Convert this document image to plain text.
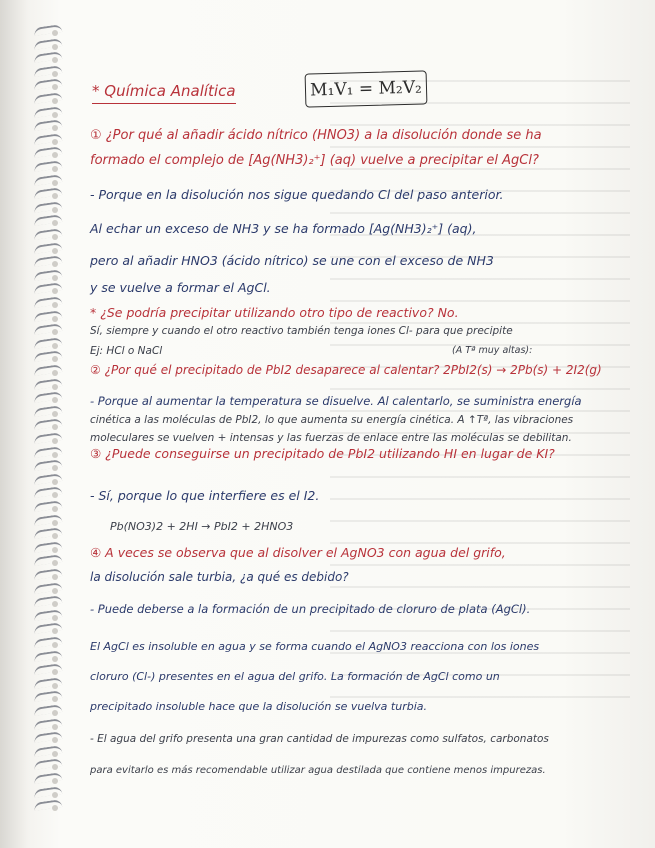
* Química Analítica	M₁V₁ = M₂V₂
① ¿Por qué al añadir ácido nítrico (HNO3) a la disolución donde se ha
formado el complejo de [Ag(NH3)₂⁺] (aq) vuelve a precipitar el AgCl?
- Porque en la disolución nos sigue quedando Cl del paso anterior.
Al echar un exceso de NH3 y se ha formado [Ag(NH3)₂⁺] (aq),
pero al añadir HNO3 (ácido nítrico) se une con el exceso de NH3
y se vuelve a formar el AgCl.
* ¿Se podría precipitar utilizando otro tipo de reactivo? No.
Sí, siempre y cuando el otro reactivo también tenga iones Cl- para que precipite
Ej: HCl o NaCl	(A Tª muy altas):
② ¿Por qué el precipitado de PbI2 desaparece al calentar? 2PbI2(s) → 2Pb(s) + 2I2(g)
- Porque al aumentar la temperatura se disuelve. Al calentarlo, se suministra energía
cinética a las moléculas de PbI2, lo que aumenta su energía cinética. A ↑Tª, las vibraciones
moleculares se vuelven + intensas y las fuerzas de enlace entre las moléculas se debilitan.
③ ¿Puede conseguirse un precipitado de PbI2 utilizando HI en lugar de KI?
- Sí, porque lo que interfiere es el I2.
Pb(NO3)2 + 2HI → PbI2 + 2HNO3
④ A veces se observa que al disolver el AgNO3 con agua del grifo,
la disolución sale turbia, ¿a qué es debido?
- Puede deberse a la formación de un precipitado de cloruro de plata (AgCl).
El AgCl es insoluble en agua y se forma cuando el AgNO3 reacciona con los iones
cloruro (Cl-) presentes en el agua del grifo. La formación de AgCl como un
precipitado insoluble hace que la disolución se vuelva turbia.
- El agua del grifo presenta una gran cantidad de impurezas como sulfatos, carbonatos
para evitarlo es más recomendable utilizar agua destilada que contiene menos impurezas.
